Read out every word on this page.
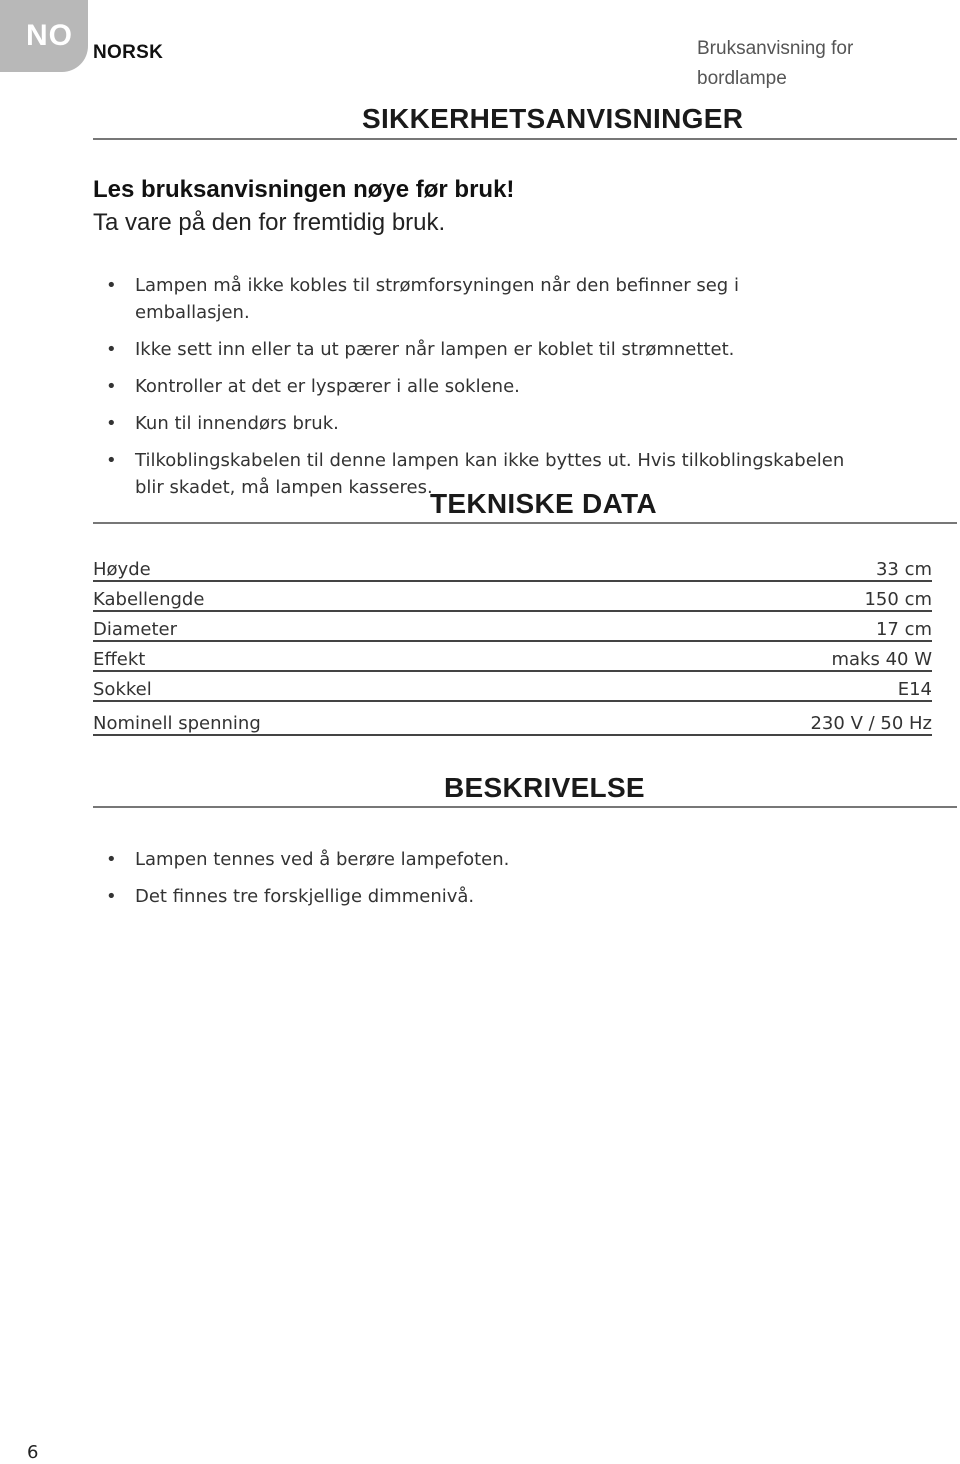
NO
NORSK	Bruksanvisning for bordlampe
SIKKERHETSANVISNINGER
Les bruksanvisningen nøye før bruk!
Ta vare på den for fremtidig bruk.
• Lampen må ikke kobles til strømforsyningen når den befinner seg i emballasjen.
• Ikke sett inn eller ta ut pærer når lampen er koblet til strømnettet.
• Kontroller at det er lyspærer i alle soklene.
• Kun til innendørs bruk.
• Tilkoblingskabelen til denne lampen kan ikke byttes ut. Hvis tilkoblingskabelen blir skadet, må lampen kasseres.
TEKNISKE DATA
Høyde	33 cm
Kabellengde	150 cm
Diameter	17 cm
Effekt	maks 40 W
Sokkel	E14
Nominell spenning	230 V / 50 Hz
BESKRIVELSE
• Lampen tennes ved å berøre lampefoten.
• Det finnes tre forskjellige dimmenivå.
6
